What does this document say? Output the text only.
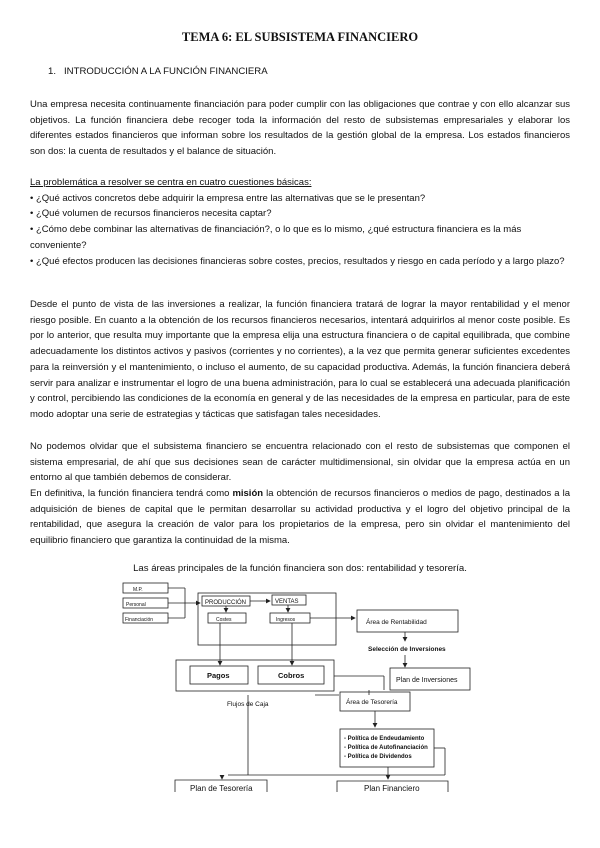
TEMA 6: EL SUBSISTEMA FINANCIERO
1. INTRODUCCIÓN A LA FUNCIÓN FINANCIERA
Una empresa necesita continuamente financiación para poder cumplir con las obligaciones que contrae y con ello alcanzar sus objetivos. La función financiera debe recoger toda la información del resto de subsistemas empresariales y elaborar los diferentes estados financieros que informan sobre los resultados de la gestión global de la empresa. Los estados financieros son dos: la cuenta de resultados y el balance de situación.
La problemática a resolver se centra en cuatro cuestiones básicas:
• ¿Qué activos concretos debe adquirir la empresa entre las alternativas que se le presentan?
• ¿Qué volumen de recursos financieros necesita captar?
• ¿Cómo debe combinar las alternativas de financiación?, o lo que es lo mismo, ¿qué estructura financiera es la más conveniente?
• ¿Qué efectos producen las decisiones financieras sobre costes, precios, resultados y riesgo en cada período y a largo plazo?
Desde el punto de vista de las inversiones a realizar, la función financiera tratará de lograr la mayor rentabilidad y el menor riesgo posible. En cuanto a la obtención de los recursos financieros necesarios, intentará adquirirlos al menor coste posible. Es por lo anterior, que resulta muy importante que la empresa elija una estructura financiera o de capital equilibrada, que combine adecuadamente los distintos activos y pasivos (corrientes y no corrientes), a la vez que permita generar suficientes excedentes para la reinversión y el mantenimiento, o incluso el aumento, de su capacidad productiva. Además, la función financiera deberá servir para analizar e instrumentar el logro de una buena administración, para lo cual se establecerá una adecuada planificación y control, percibiendo las condiciones de la economía en general y de las necesidades de la empresa en particular, para de este modo adoptar una serie de estrategias y tácticas que satisfagan tales necesidades.
No podemos olvidar que el subsistema financiero se encuentra relacionado con el resto de subsistemas que componen el sistema empresarial, de ahí que sus decisiones sean de carácter multidimensional, sin olvidar que la empresa actúa en un entorno al que también debemos de considerar.
En definitiva, la función financiera tendrá como misión la obtención de recursos financieros o medios de pago, destinados a la adquisición de bienes de capital que le permitan desarrollar su actividad productiva y el logro del objetivo principal de la rentabilidad, que asegura la creación de valor para los propietarios de la empresa, pero sin olvidar el mantenimiento del equilibrio financiero que garantiza la continuidad de la misma.
Las áreas principales de la función financiera son dos: rentabilidad y tesorería.
M.P.
Personal
Financiación
PRODUCCIÓN	VENTAS
Costes	Ingresos	Área de Rentabilidad
Selección de Inversiones
Plan de Inversiones
Pagos	Cobros
Flujos de Caja	Área de Tesorería
- Política de Endeudamiento
- Política de Autofinanciación
- Política de Dividendos
Plan de Tesorería	Plan Financiero
